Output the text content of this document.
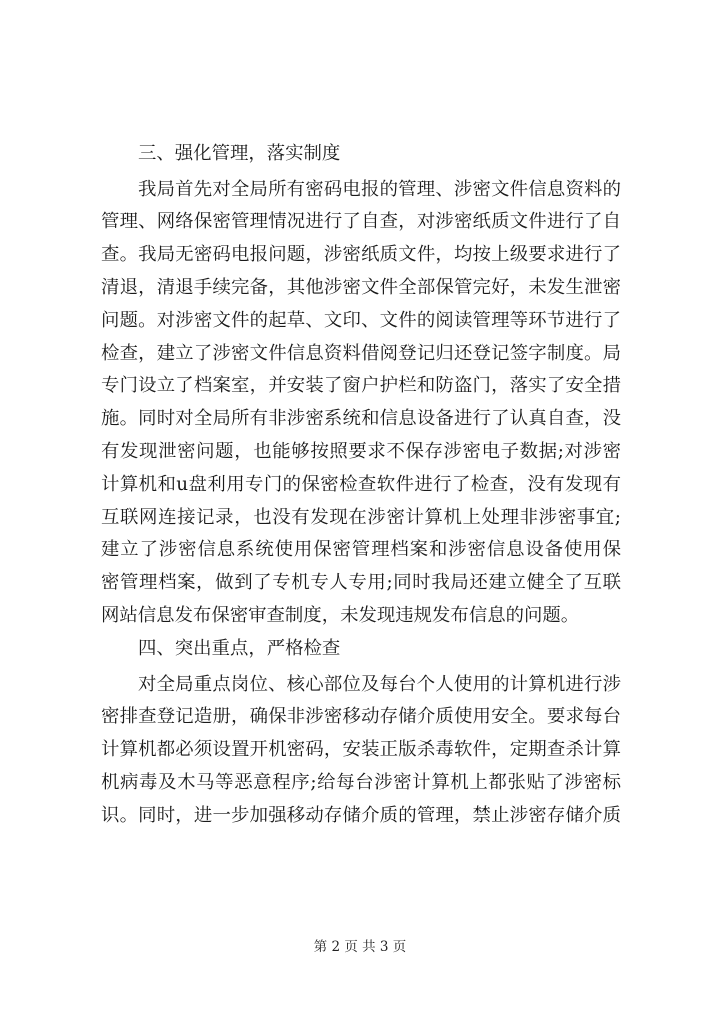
三、强化管理，落实制度
我局首先对全局所有密码电报的管理、涉密文件信息资料的
管理、网络保密管理情况进行了自查，对涉密纸质文件进行了自
查。我局无密码电报问题，涉密纸质文件，均按上级要求进行了
清退，清退手续完备，其他涉密文件全部保管完好，未发生泄密
问题。对涉密文件的起草、文印、文件的阅读管理等环节进行了
检查，建立了涉密文件信息资料借阅登记归还登记签字制度。局
专门设立了档案室，并安装了窗户护栏和防盗门，落实了安全措
施。同时对全局所有非涉密系统和信息设备进行了认真自查，没
有发现泄密问题，也能够按照要求不保存涉密电子数据;对涉密
计算机和u盘利用专门的保密检查软件进行了检查，没有发现有
互联网连接记录，也没有发现在涉密计算机上处理非涉密事宜;
建立了涉密信息系统使用保密管理档案和涉密信息设备使用保
密管理档案，做到了专机专人专用;同时我局还建立健全了互联
网站信息发布保密审查制度，未发现违规发布信息的问题。
四、突出重点，严格检查
对全局重点岗位、核心部位及每台个人使用的计算机进行涉
密排查登记造册，确保非涉密移动存储介质使用安全。要求每台
计算机都必须设置开机密码，安装正版杀毒软件，定期查杀计算
机病毒及木马等恶意程序;给每台涉密计算机上都张贴了涉密标
识。同时，进一步加强移动存储介质的管理，禁止涉密存储介质
第 2 页 共 3 页
